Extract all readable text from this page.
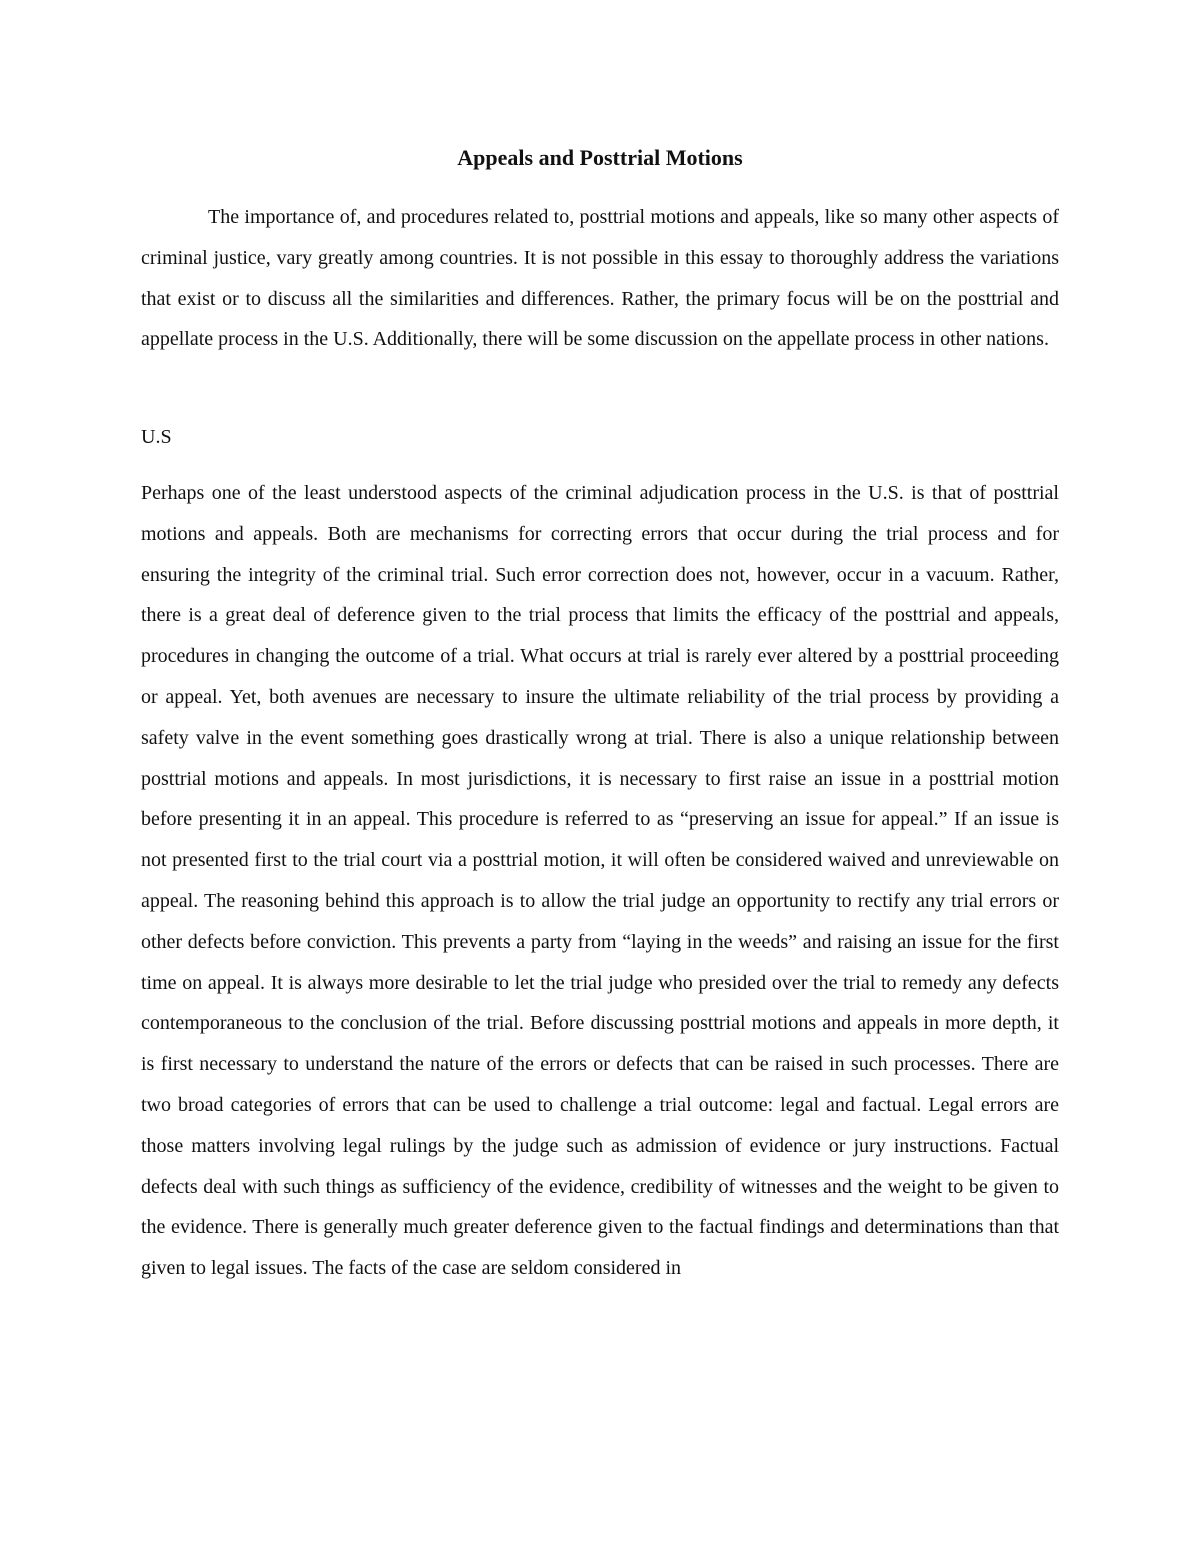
Appeals and Posttrial Motions

The importance of, and procedures related to, posttrial motions and appeals, like so many other aspects of criminal justice, vary greatly among countries. It is not possible in this essay to thoroughly address the variations that exist or to discuss all the similarities and differences. Rather, the primary focus will be on the posttrial and appellate process in the U.S. Additionally, there will be some discussion on the appellate process in other nations.

U.S

Perhaps one of the least understood aspects of the criminal adjudication process in the U.S. is that of posttrial motions and appeals. Both are mechanisms for correcting errors that occur during the trial process and for ensuring the integrity of the criminal trial. Such error correction does not, however, occur in a vacuum. Rather, there is a great deal of deference given to the trial process that limits the efficacy of the posttrial and appeals, procedures in changing the outcome of a trial. What occurs at trial is rarely ever altered by a posttrial proceeding or appeal. Yet, both avenues are necessary to insure the ultimate reliability of the trial process by providing a safety valve in the event something goes drastically wrong at trial. There is also a unique relationship between posttrial motions and appeals. In most jurisdictions, it is necessary to first raise an issue in a posttrial motion before presenting it in an appeal. This procedure is referred to as “preserving an issue for appeal.” If an issue is not presented first to the trial court via a posttrial motion, it will often be considered waived and unreviewable on appeal. The reasoning behind this approach is to allow the trial judge an opportunity to rectify any trial errors or other defects before conviction. This prevents a party from “laying in the weeds” and raising an issue for the first time on appeal. It is always more desirable to let the trial judge who presided over the trial to remedy any defects contemporaneous to the conclusion of the trial. Before discussing posttrial motions and appeals in more depth, it is first necessary to understand the nature of the errors or defects that can be raised in such processes. There are two broad categories of errors that can be used to challenge a trial outcome: legal and factual. Legal errors are those matters involving legal rulings by the judge such as admission of evidence or jury instructions. Factual defects deal with such things as sufficiency of the evidence, credibility of witnesses and the weight to be given to the evidence. There is generally much greater deference given to the factual findings and determinations than that given to legal issues. The facts of the case are seldom considered in
